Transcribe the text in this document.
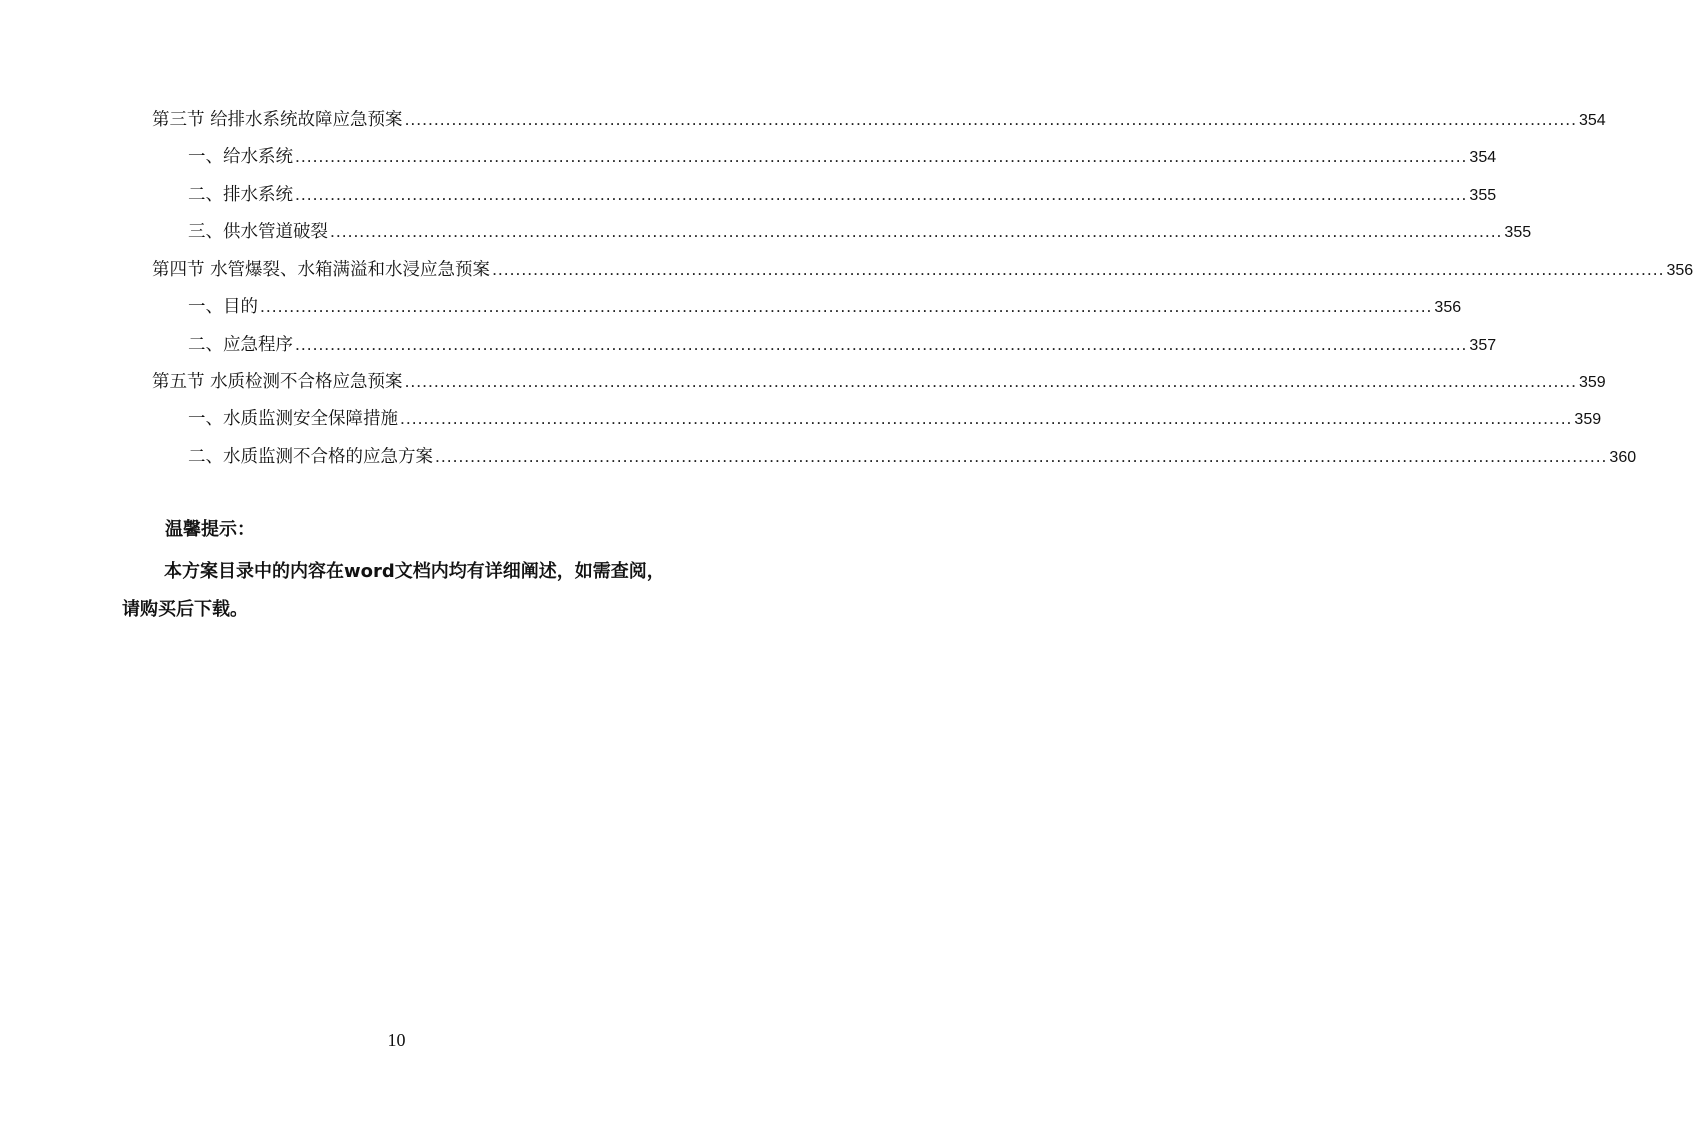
第三节 给排水系统故障应急预案 ........................................................................................................................................................................................................ 354
一、给水系统 ........................................................................................................................................................................................................ 354
二、排水系统 ........................................................................................................................................................................................................ 355
三、供水管道破裂 ........................................................................................................................................................................................................ 355
第四节 水管爆裂、水箱满溢和水浸应急预案 ........................................................................................................................................................................................................ 356
一、目的 ........................................................................................................................................................................................................ 356
二、应急程序 ........................................................................................................................................................................................................ 357
第五节 水质检测不合格应急预案 ........................................................................................................................................................................................................ 359
一、水质监测安全保障措施 ........................................................................................................................................................................................................ 359
二、水质监测不合格的应急方案 ........................................................................................................................................................................................................ 360
温馨提示：
本方案目录中的内容在word文档内均有详细阐述，如需查阅，请购买后下载。
10
